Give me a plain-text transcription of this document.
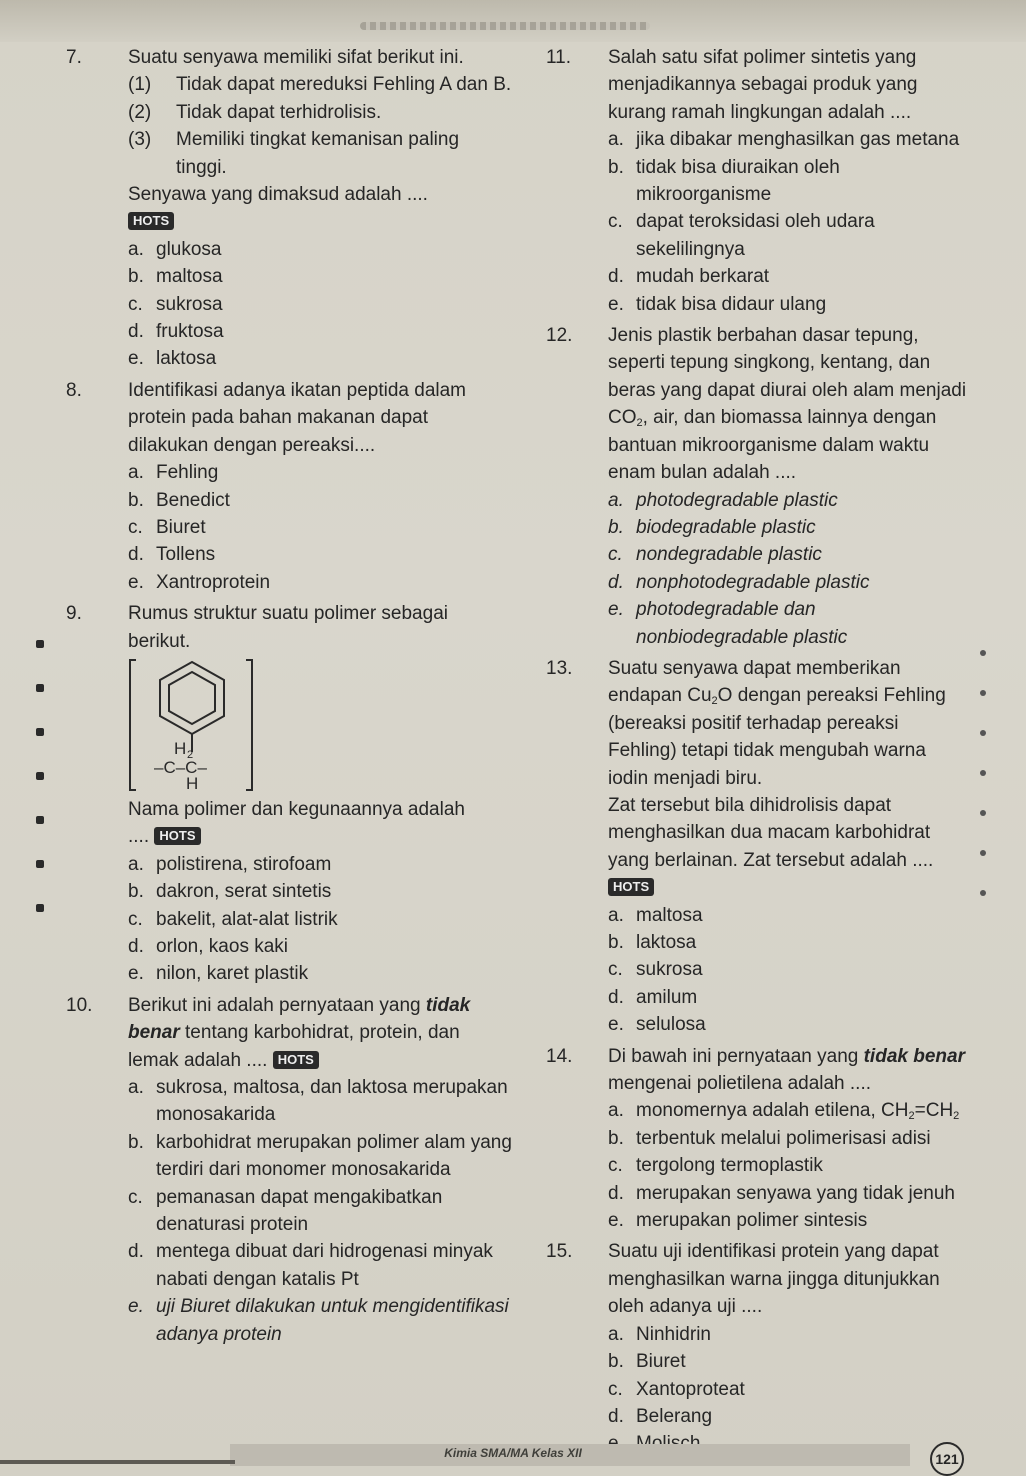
7. Suatu senyawa memiliki sifat berikut ini.
(1) Tidak dapat mereduksi Fehling A dan B.
(2) Tidak dapat terhidrolisis.
(3) Memiliki tingkat kemanisan paling tinggi.
Senyawa yang dimaksud adalah ....
HOTS
a. glukosa
b. maltosa
c. sukrosa
d. fruktosa
e. laktosa
8. Identifikasi adanya ikatan peptida dalam protein pada bahan makanan dapat dilakukan dengan pereaksi....
a. Fehling
b. Benedict
c. Biuret
d. Tollens
e. Xantroprotein
9. Rumus struktur suatu polimer sebagai berikut.
H 2
–C–C–
H
Nama polimer dan kegunaannya adalah
.... HOTS
a. polistirena, stirofoam
b. dakron, serat sintetis
c. bakelit, alat-alat listrik
d. orlon, kaos kaki
e. nilon, karet plastik
10. Berikut ini adalah pernyataan yang tidak benar tentang karbohidrat, protein, dan lemak adalah .... HOTS
a. sukrosa, maltosa, dan laktosa merupakan monosakarida
b. karbohidrat merupakan polimer alam yang terdiri dari monomer monosakarida
c. pemanasan dapat mengakibatkan denaturasi protein
d. mentega dibuat dari hidrogenasi minyak nabati dengan katalis Pt
e. uji Biuret dilakukan untuk mengidentifikasi adanya protein
11. Salah satu sifat polimer sintetis yang menjadikannya sebagai produk yang kurang ramah lingkungan adalah ....
a. jika dibakar menghasilkan gas metana
b. tidak bisa diuraikan oleh mikroorganisme
c. dapat teroksidasi oleh udara sekelilingnya
d. mudah berkarat
e. tidak bisa didaur ulang
12. Jenis plastik berbahan dasar tepung, seperti tepung singkong, kentang, dan beras yang dapat diurai oleh alam menjadi $CO_2$, air, dan biomassa lainnya dengan bantuan mikroorganisme dalam waktu enam bulan adalah ....
a. photodegradable plastic
b. biodegradable plastic
c. nondegradable plastic
d. nonphotodegradable plastic
e. photodegradable dan nonbiodegradable plastic
13. Suatu senyawa dapat memberikan endapan $Cu_2O$ dengan pereaksi Fehling (bereaksi positif terhadap pereaksi Fehling) tetapi tidak mengubah warna iodin menjadi biru.
Zat tersebut bila dihidrolisis dapat menghasilkan dua macam karbohidrat yang berlainan. Zat tersebut adalah ....
HOTS
a. maltosa
b. laktosa
c. sukrosa
d. amilum
e. selulosa
14. Di bawah ini pernyataan yang tidak benar mengenai polietilena adalah ....
a. monomernya adalah etilena, $CH_2=CH_2$
b. terbentuk melalui polimerisasi adisi
c. tergolong termoplastik
d. merupakan senyawa yang tidak jenuh
e. merupakan polimer sintesis
15. Suatu uji identifikasi protein yang dapat menghasilkan warna jingga ditunjukkan oleh adanya uji ....
a. Ninhidrin
b. Biuret
c. Xantoproteat
d. Belerang
Kimia SMA/MA Kelas XII	121
